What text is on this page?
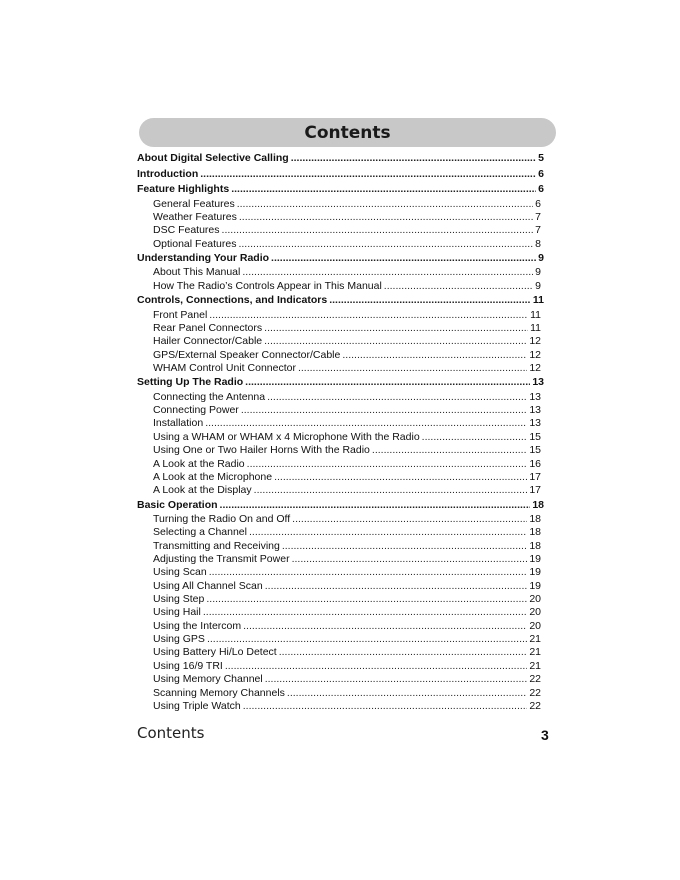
Contents
About Digital Selective Calling .....	5
Introduction .....	6
Feature Highlights .....	6
General Features .....	6
Weather Features .....	7
DSC Features .....	7
Optional Features .....	8
Understanding Your Radio .....	9
About This Manual .....	9
How The Radio’s Controls Appear in This Manual .....	9
Controls, Connections, and Indicators .....	11
Front Panel .....	11
Rear Panel Connectors .....	11
Hailer Connector/Cable .....	12
GPS/External Speaker Connector/Cable .....	12
WHAM Control Unit Connector .....	12
Setting Up The Radio .....	13
Connecting the Antenna .....	13
Connecting Power .....	13
Installation .....	13
Using a WHAM or WHAM x 4 Microphone With the Radio .....	15
Using One or Two Hailer Horns With the Radio .....	15
A Look at the Radio .....	16
A Look at the Microphone .....	17
A Look at the Display .....	17
Basic Operation .....	18
Turning the Radio On and Off .....	18
Selecting a Channel .....	18
Transmitting and Receiving .....	18
Adjusting the Transmit Power .....	19
Using Scan .....	19
Using All Channel Scan .....	19
Using Step .....	20
Using Hail .....	20
Using the Intercom .....	20
Using GPS .....	21
Using Battery Hi/Lo Detect .....	21
Using 16/9 TRI .....	21
Using Memory Channel .....	22
Scanning Memory Channels .....	22
Using Triple Watch .....	22
Contents	3
